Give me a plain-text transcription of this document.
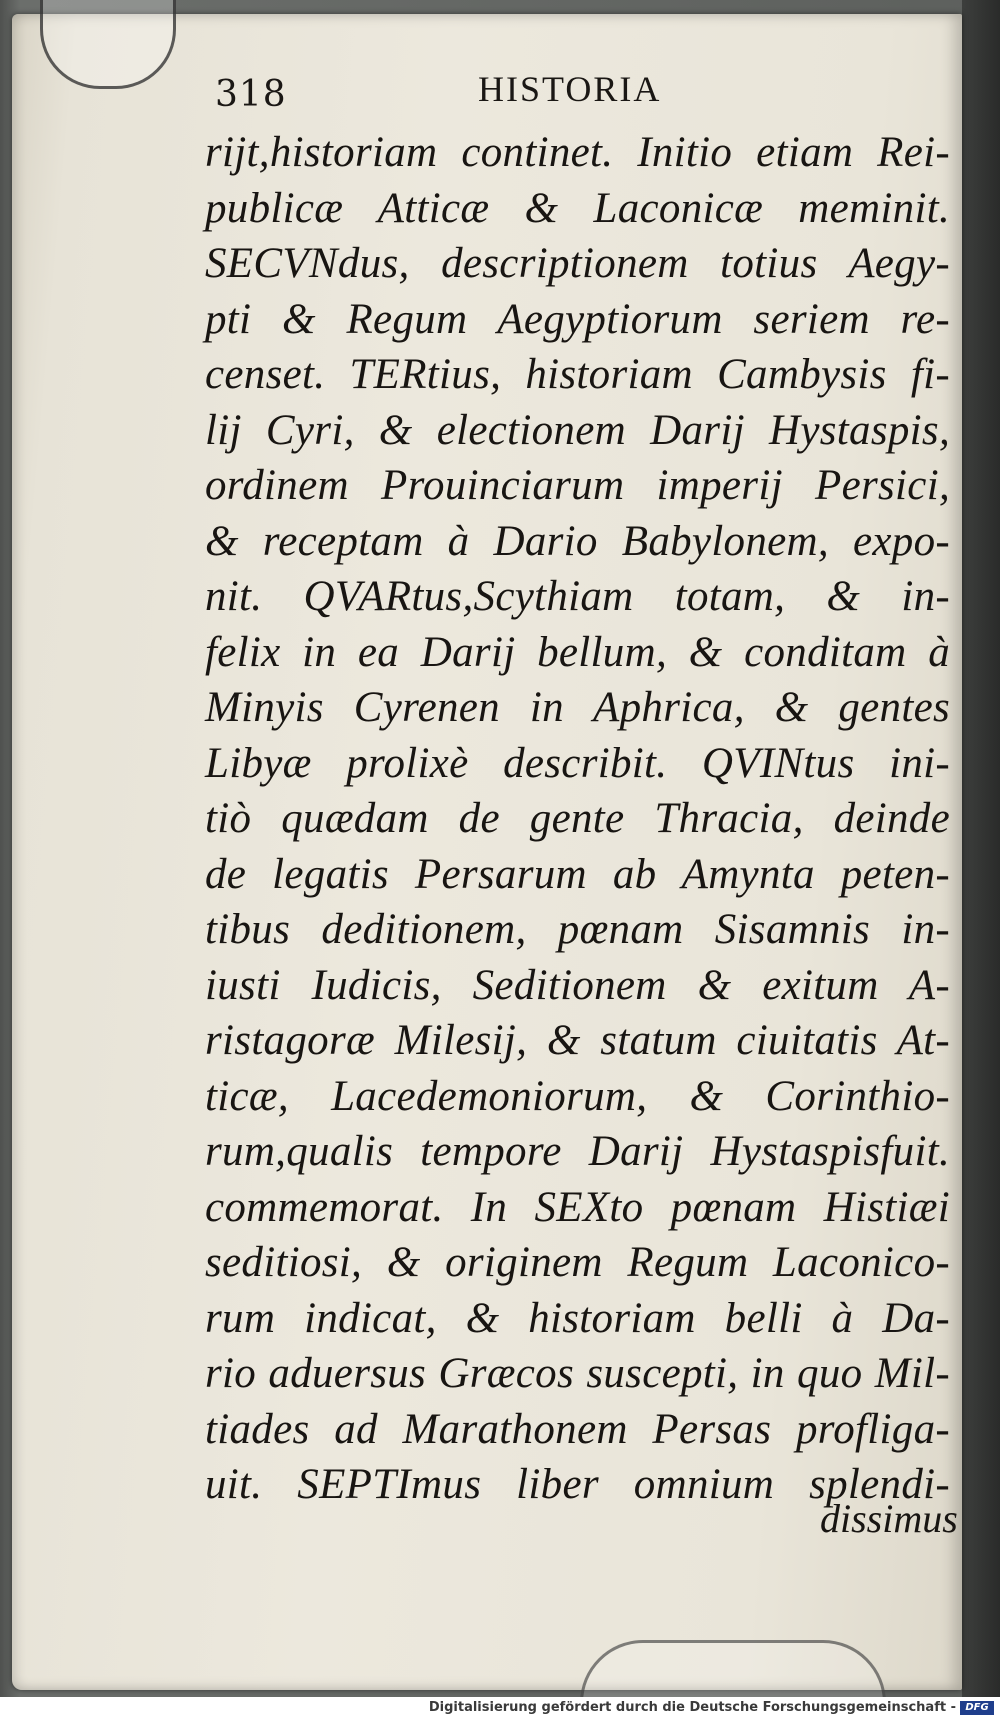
318	HISTORIA
rijt,historiam continet. Initio etiam Rei-
publicæ Atticæ & Laconicæ meminit.
SECVNdus, descriptionem totius Aegy-
pti & Regum Aegyptiorum seriem re-
censet. TERtius, historiam Cambysis fi-
lij Cyri, & electionem Darij Hystaspis,
ordinem Prouinciarum imperij Persici,
& receptam à Dario Babylonem, expo-
nit. QVARtus,Scythiam totam, & in-
felix in ea Darij bellum, & conditam à
Minyis Cyrenen in Aphrica, & gentes
Libyæ prolixè describit. QVINtus ini-
tiò quædam de gente Thracia, deinde
de legatis Persarum ab Amynta peten-
tibus deditionem, pœnam Sisamnis in-
iusti Iudicis, Seditionem & exitum A-
ristagoræ Milesij, & statum ciuitatis At-
ticæ, Lacedemoniorum, & Corinthio-
rum,qualis tempore Darij Hystaspisfuit.
commemorat. In SEXto pœnam Histiæi
seditiosi, & originem Regum Laconico-
rum indicat, & historiam belli à Da-
rio aduersus Græcos suscepti, in quo Mil-
tiades ad Marathonem Persas profliga-
uit. SEPTImus liber omnium splendi-
dissimus
Digitalisierung gefördert durch die Deutsche Forschungsgemeinschaft - DFG
